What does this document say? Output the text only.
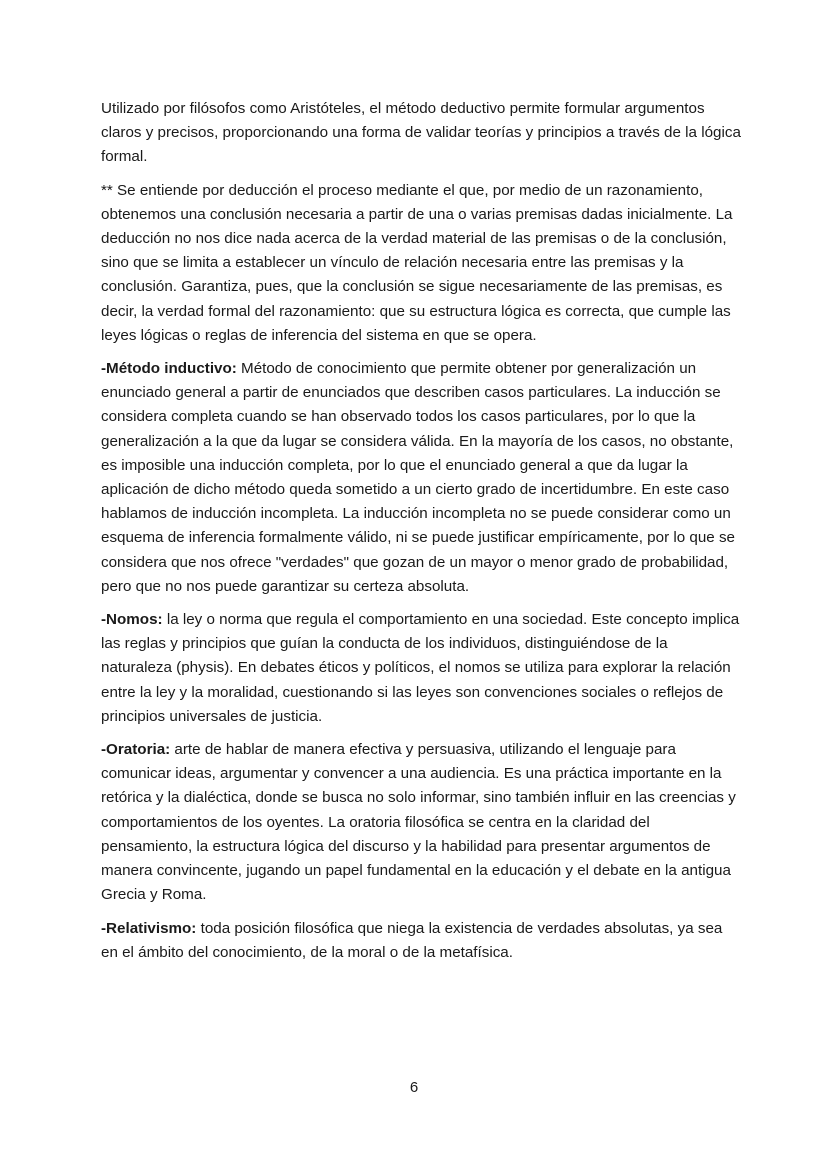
Utilizado por filósofos como Aristóteles, el método deductivo permite formular argumentos claros y precisos, proporcionando una forma de validar teorías y principios a través de la lógica formal.

** Se entiende por deducción el proceso mediante el que, por medio de un razonamiento, obtenemos una conclusión necesaria a partir de una o varias premisas dadas inicialmente. La deducción no nos dice nada acerca de la verdad material de las premisas o de la conclusión, sino que se limita a establecer un vínculo de relación necesaria entre las premisas y la conclusión. Garantiza, pues, que la conclusión se sigue necesariamente de las premisas, es decir, la verdad formal del razonamiento: que su estructura lógica es correcta, que cumple las leyes lógicas o reglas de inferencia del sistema en que se opera.

-Método inductivo: Método de conocimiento que permite obtener por generalización un enunciado general a partir de enunciados que describen casos particulares. La inducción se considera completa cuando se han observado todos los casos particulares, por lo que la generalización a la que da lugar se considera válida. En la mayoría de los casos, no obstante, es imposible una inducción completa, por lo que el enunciado general a que da lugar la aplicación de dicho método queda sometido a un cierto grado de incertidumbre. En este caso hablamos de inducción incompleta. La inducción incompleta no se puede considerar como un esquema de inferencia formalmente válido, ni se puede justificar empíricamente, por lo que se considera que nos ofrece "verdades" que gozan de un mayor o menor grado de probabilidad, pero que no nos puede garantizar su certeza absoluta.

-Nomos: la ley o norma que regula el comportamiento en una sociedad. Este concepto implica las reglas y principios que guían la conducta de los individuos, distinguiéndose de la naturaleza (physis). En debates éticos y políticos, el nomos se utiliza para explorar la relación entre la ley y la moralidad, cuestionando si las leyes son convenciones sociales o reflejos de principios universales de justicia.

-Oratoria: arte de hablar de manera efectiva y persuasiva, utilizando el lenguaje para comunicar ideas, argumentar y convencer a una audiencia. Es una práctica importante en la retórica y la dialéctica, donde se busca no solo informar, sino también influir en las creencias y comportamientos de los oyentes. La oratoria filosófica se centra en la claridad del pensamiento, la estructura lógica del discurso y la habilidad para presentar argumentos de manera convincente, jugando un papel fundamental en la educación y el debate en la antigua Grecia y Roma.

-Relativismo: toda posición filosófica que niega la existencia de verdades absolutas, ya sea en el ámbito del conocimiento, de la moral o de la metafísica.

6
